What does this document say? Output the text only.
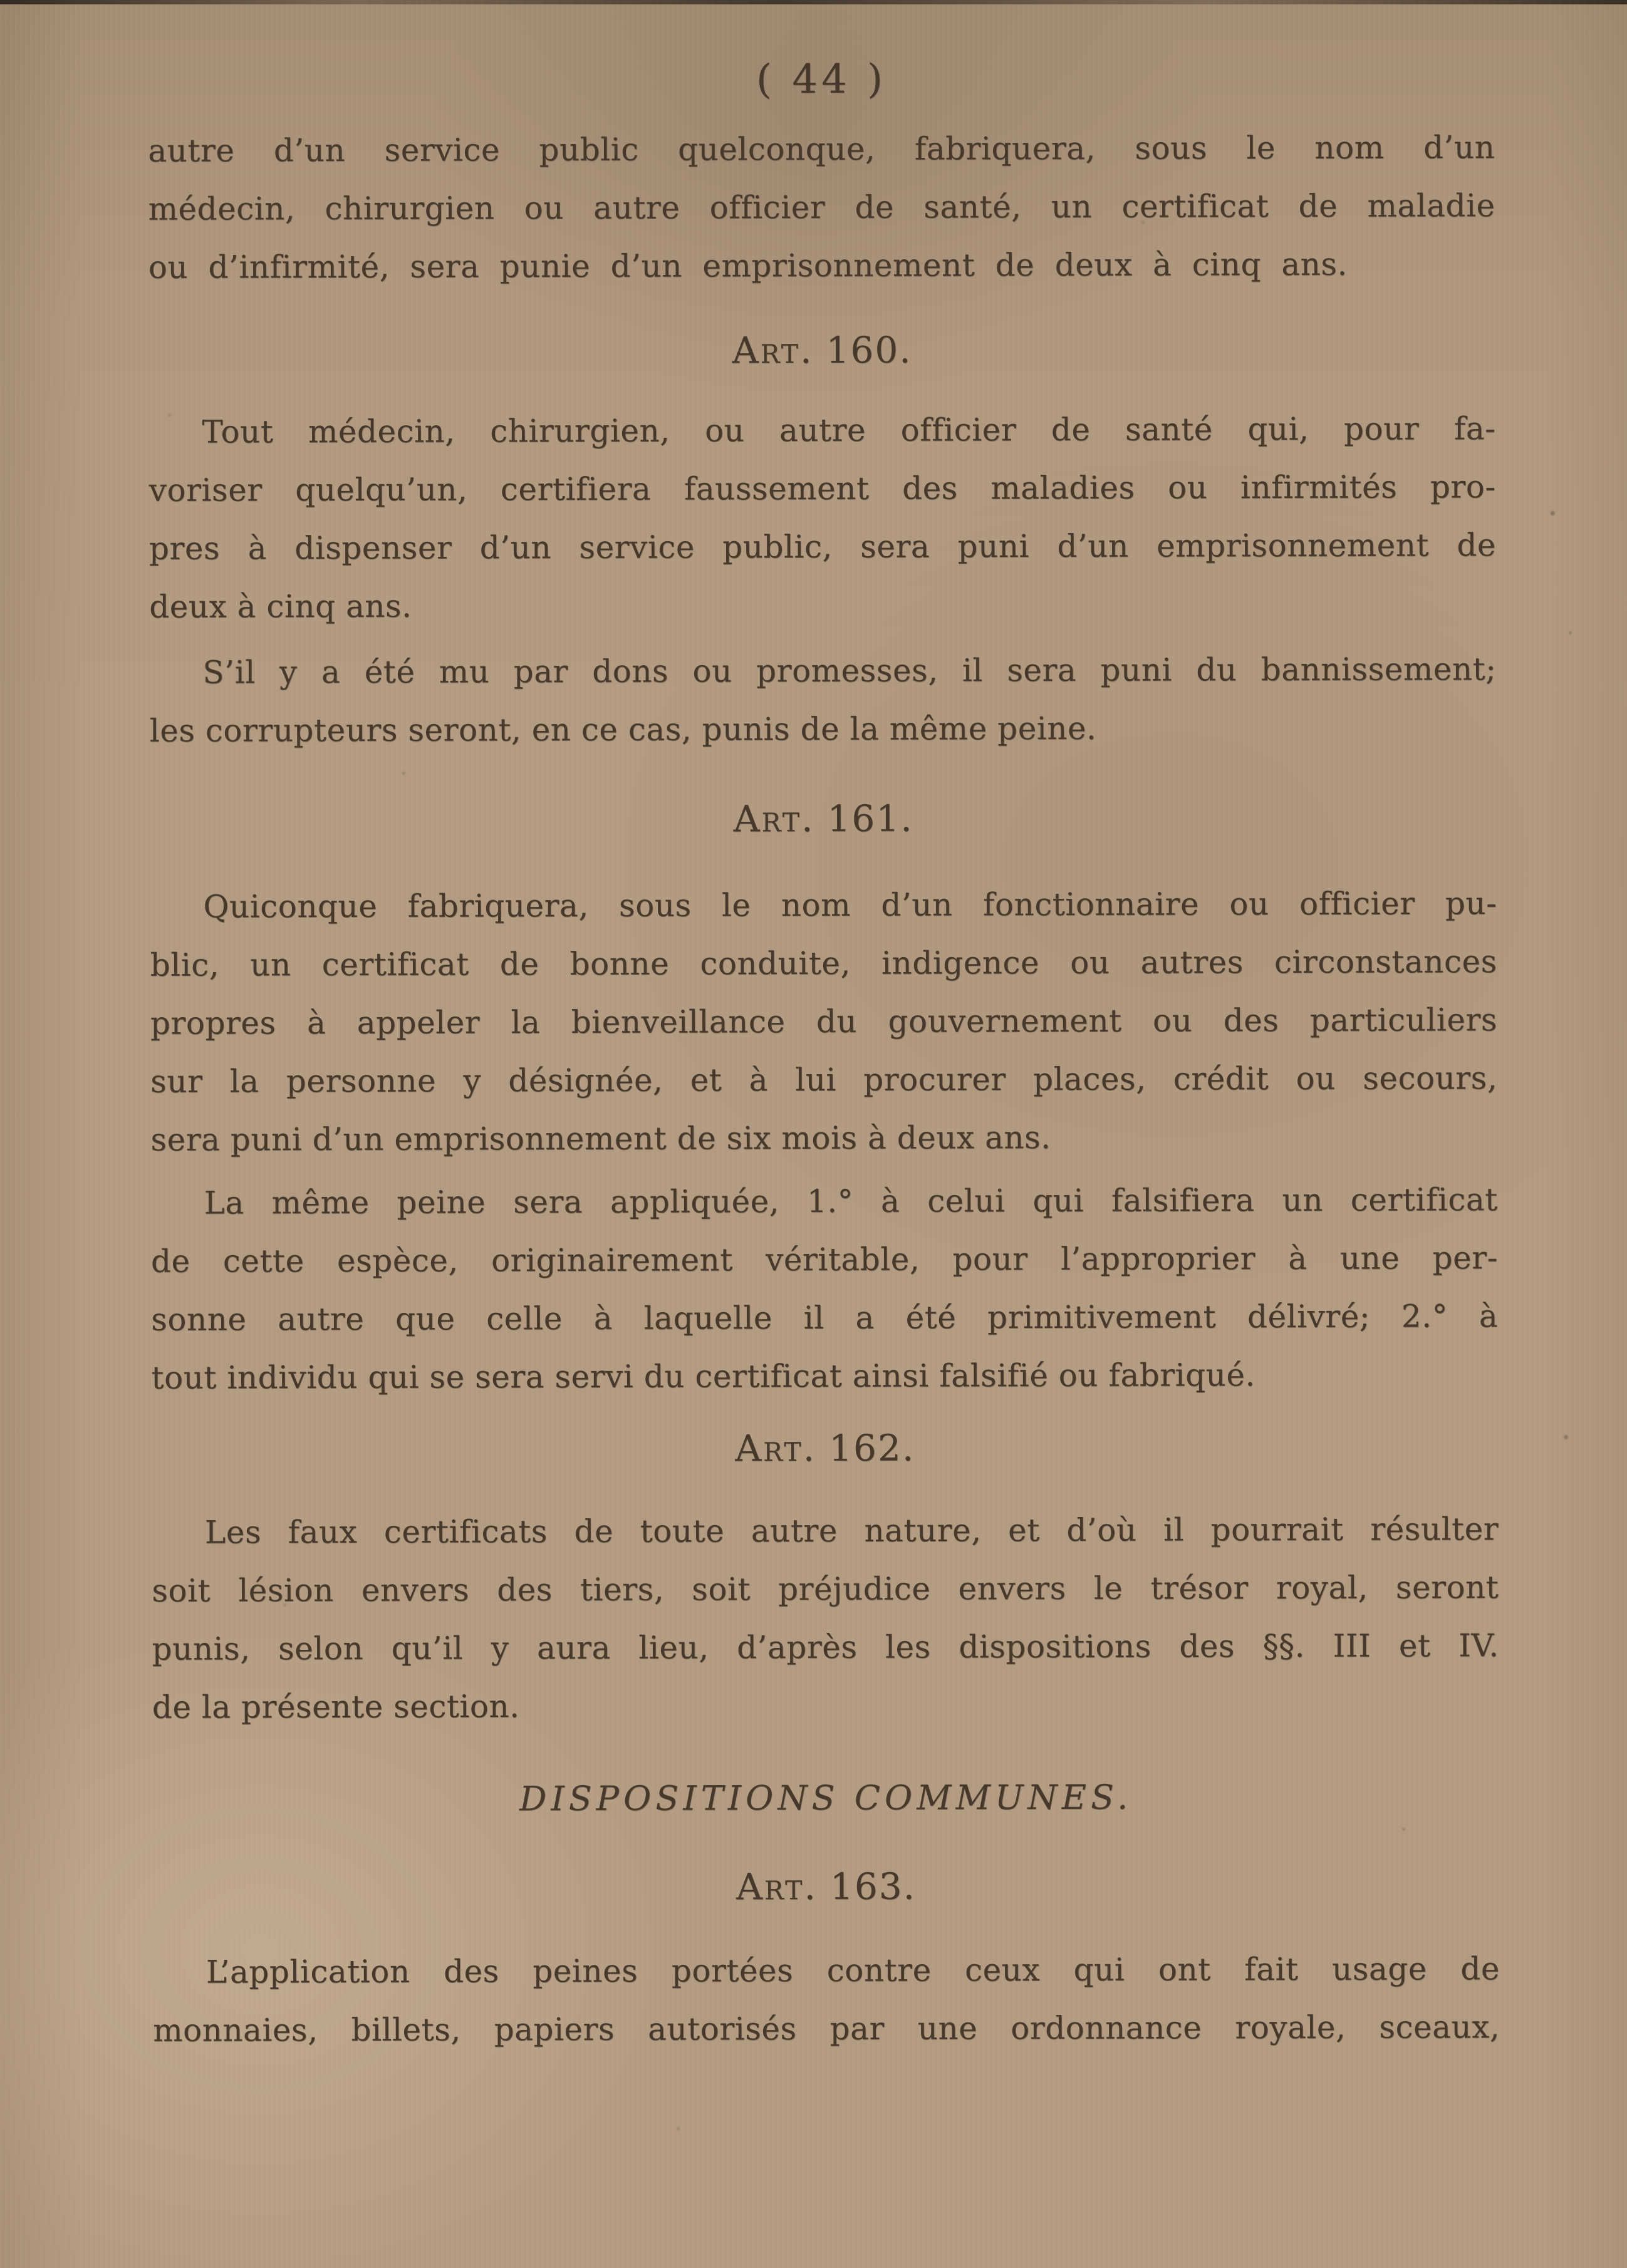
( 44 )

autre d’un service public quelconque, fabriquera, sous le nom d’un
médecin, chirurgien ou autre officier de santé, un certificat de maladie
ou d’infirmité, sera punie d’un emprisonnement de deux à cinq ans.

Art. 160.

Tout médecin, chirurgien, ou autre officier de santé qui, pour fa-
voriser quelqu’un, certifiera faussement des maladies ou infirmités pro-
pres à dispenser d’un service public, sera puni d’un emprisonnement de
deux à cinq ans.

S’il y a été mu par dons ou promesses, il sera puni du bannissement;
les corrupteurs seront, en ce cas, punis de la même peine.

Art. 161.

Quiconque fabriquera, sous le nom d’un fonctionnaire ou officier pu-
blic, un certificat de bonne conduite, indigence ou autres circonstances
propres à appeler la bienveillance du gouvernement ou des particuliers
sur la personne y désignée, et à lui procurer places, crédit ou secours,
sera puni d’un emprisonnement de six mois à deux ans.

La même peine sera appliquée, 1.° à celui qui falsifiera un certificat
de cette espèce, originairement véritable, pour l’approprier à une per-
sonne autre que celle à laquelle il a été primitivement délivré; 2.° à
tout individu qui se sera servi du certificat ainsi falsifié ou fabriqué.

Art. 162.

Les faux certificats de toute autre nature, et d’où il pourrait résulter
soit lésion envers des tiers, soit préjudice envers le trésor royal, seront
punis, selon qu’il y aura lieu, d’après les dispositions des §§. III et IV.
de la présente section.

DISPOSITIONS COMMUNES.
Art. 163.

L’application des peines portées contre ceux qui ont fait usage de
monnaies, billets, papiers autorisés par une ordonnance royale, sceaux,
